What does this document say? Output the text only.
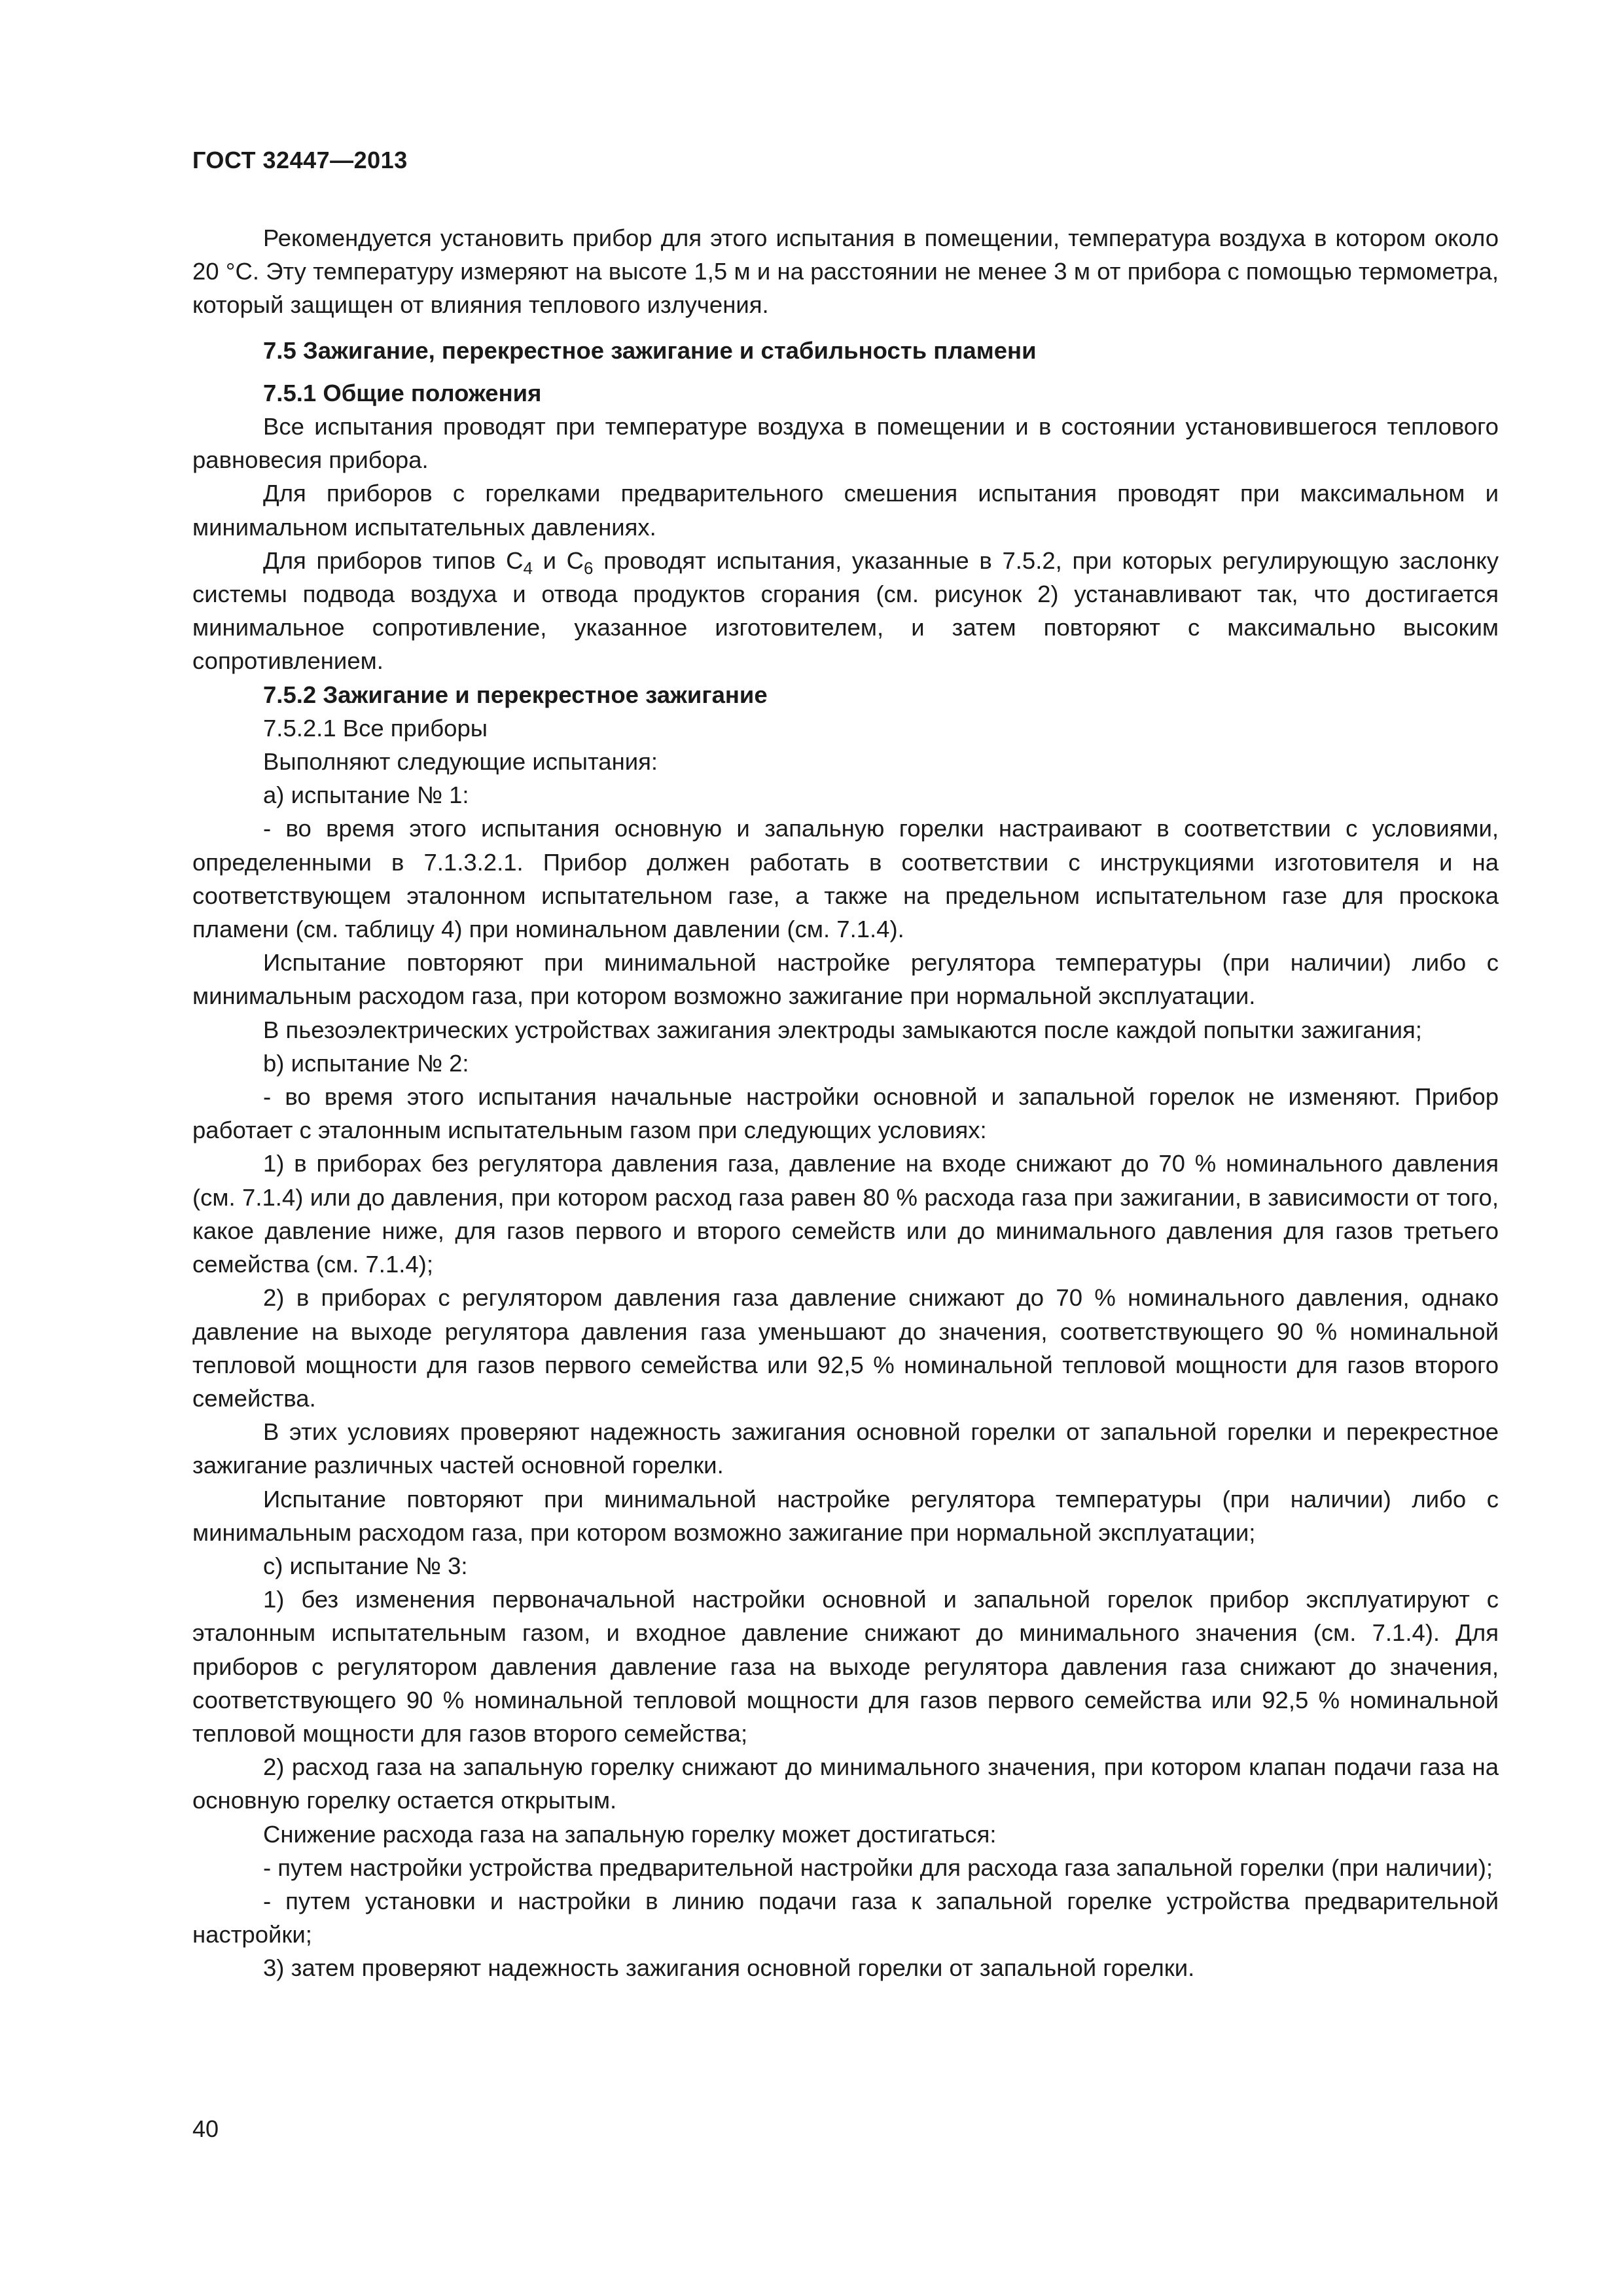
ГОСТ 32447—2013

Рекомендуется установить прибор для этого испытания в помещении, температура воздуха в котором около 20 °С. Эту температуру измеряют на высоте 1,5 м и на расстоянии не менее 3 м от прибора с помощью термометра, который защищен от влияния теплового излучения.

7.5 Зажигание, перекрестное зажигание и стабильность пламени

7.5.1 Общие положения

Все испытания проводят при температуре воздуха в помещении и в состоянии установившегося теплового равновесия прибора.

Для приборов с горелками предварительного смешения испытания проводят при максимальном и минимальном испытательных давлениях.

Для приборов типов $С_4$ и $С_6$ проводят испытания, указанные в 7.5.2, при которых регулирующую заслонку системы подвода воздуха и отвода продуктов сгорания (см. рисунок 2) устанавливают так, что достигается минимальное сопротивление, указанное изготовителем, и затем повторяют с максимально высоким сопротивлением.

7.5.2 Зажигание и перекрестное зажигание

7.5.2.1 Все приборы

Выполняют следующие испытания:

а) испытание № 1:

- во время этого испытания основную и запальную горелки настраивают в соответствии с условиями, определенными в 7.1.3.2.1. Прибор должен работать в соответствии с инструкциями изготовителя и на соответствующем эталонном испытательном газе, а также на предельном испытательном газе для проскока пламени (см. таблицу 4) при номинальном давлении (см. 7.1.4).

Испытание повторяют при минимальной настройке регулятора температуры (при наличии) либо с минимальным расходом газа, при котором возможно зажигание при нормальной эксплуатации.

В пьезоэлектрических устройствах зажигания электроды замыкаются после каждой попытки зажигания;

b) испытание № 2:

- во время этого испытания начальные настройки основной и запальной горелок не изменяют. Прибор работает с эталонным испытательным газом при следующих условиях:

1) в приборах без регулятора давления газа, давление на входе снижают до 70 % номинального давления (см. 7.1.4) или до давления, при котором расход газа равен 80 % расхода газа при зажигании, в зависимости от того, какое давление ниже, для газов первого и второго семейств или до минимального давления для газов третьего семейства (см. 7.1.4);

2) в приборах с регулятором давления газа давление снижают до 70 % номинального давления, однако давление на выходе регулятора давления газа уменьшают до значения, соответствующего 90 % номинальной тепловой мощности для газов первого семейства или 92,5 % номинальной тепловой мощности для газов второго семейства.

В этих условиях проверяют надежность зажигания основной горелки от запальной горелки и перекрестное зажигание различных частей основной горелки.

Испытание повторяют при минимальной настройке регулятора температуры (при наличии) либо с минимальным расходом газа, при котором возможно зажигание при нормальной эксплуатации;

с) испытание № 3:

1) без изменения первоначальной настройки основной и запальной горелок прибор эксплуатируют с эталонным испытательным газом, и входное давление снижают до минимального значения (см. 7.1.4). Для приборов с регулятором давления давление газа на выходе регулятора давления газа снижают до значения, соответствующего 90 % номинальной тепловой мощности для газов первого семейства или 92,5 % номинальной тепловой мощности для газов второго семейства;

2) расход газа на запальную горелку снижают до минимального значения, при котором клапан подачи газа на основную горелку остается открытым.

Снижение расхода газа на запальную горелку может достигаться:

- путем настройки устройства предварительной настройки для расхода газа запальной горелки (при наличии);

- путем установки и настройки в линию подачи газа к запальной горелке устройства предварительной настройки;

3) затем проверяют надежность зажигания основной горелки от запальной горелки.

40
